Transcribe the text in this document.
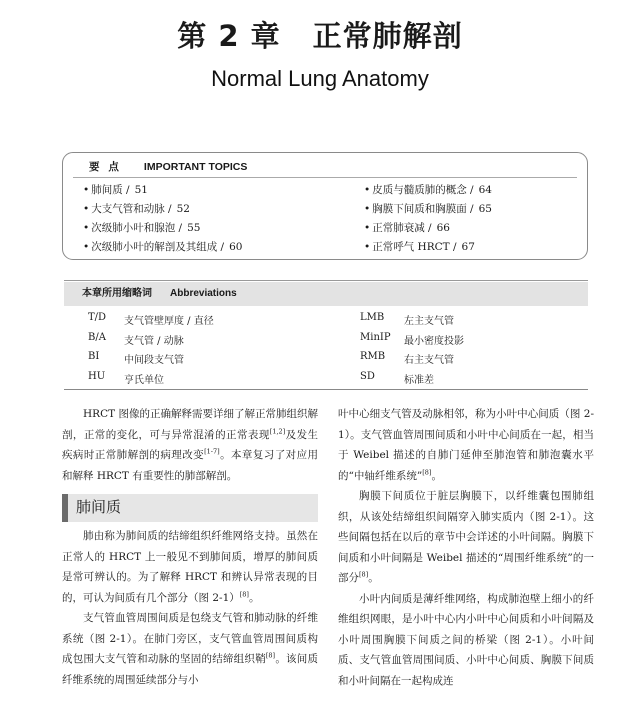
第 2 章 正常肺解剖
Normal Lung Anatomy
要 点 IMPORTANT TOPICS
• 肺间质 / 51
• 大支气管和动脉 / 52
• 次级肺小叶和腺泡 / 55
• 次级肺小叶的解剖及其组成 / 60
• 皮质与髓质肺的概念 / 64
• 胸膜下间质和胸膜面 / 65
• 正常肺衰减 / 66
• 正常呼气 HRCT / 67
本章所用缩略词 Abbreviations
T/D 支气管壁厚度 / 直径	LMB 左主支气管
B/A 支气管 / 动脉	MinIP 最小密度投影
BI 中间段支气管	RMB 右主支气管
HU 亨氏单位	SD	标准差

HRCT 图像的正确解释需要详细了解正常肺组织解剖，正常的变化，可与异常混淆的正常表现[1,2]及发生疾病时正常肺解剖的病理改变[1-7]。本章复习了对应用和解释 HRCT 有重要性的肺部解剖。

肺间质

肺由称为肺间质的结缔组织纤维网络支持。虽然在正常人的 HRCT 上一般见不到肺间质，增厚的肺间质是常可辨认的。为了解释 HRCT 和辨认异常表现的目的，可认为间质有几个部分（图 2-1）[8]。

支气管血管周围间质是包绕支气管和肺动脉的纤维系统（图 2-1）。在肺门旁区，支气管血管周围间质构成包围大支气管和动脉的坚固的结缔组织鞘[8]。该间质纤维系统的周围延续部分与小

叶中心细支气管及动脉相邻，称为小叶中心间质（图 2-1）。支气管血管周围间质和小叶中心间质在一起，相当于 Weibel 描述的自肺门延伸至肺泡管和肺泡囊水平的“中轴纤维系统”[8]。

胸膜下间质位于脏层胸膜下，以纤维囊包围肺组织，从该处结缔组织间隔穿入肺实质内（图 2-1）。这些间隔包括在以后的章节中会详述的小叶间隔。胸膜下间质和小叶间隔是 Weibel 描述的“周围纤维系统”的一部分[8]。

小叶内间质是薄纤维网络，构成肺泡壁上细小的纤维组织网眼，是小叶中心内小叶中心间质和小叶间隔及小叶周围胸膜下间质之间的桥梁（图 2-1）。小叶间质、支气管血管周围间质、小叶中心间质、胸膜下间质和小叶间隔在一起构成连
